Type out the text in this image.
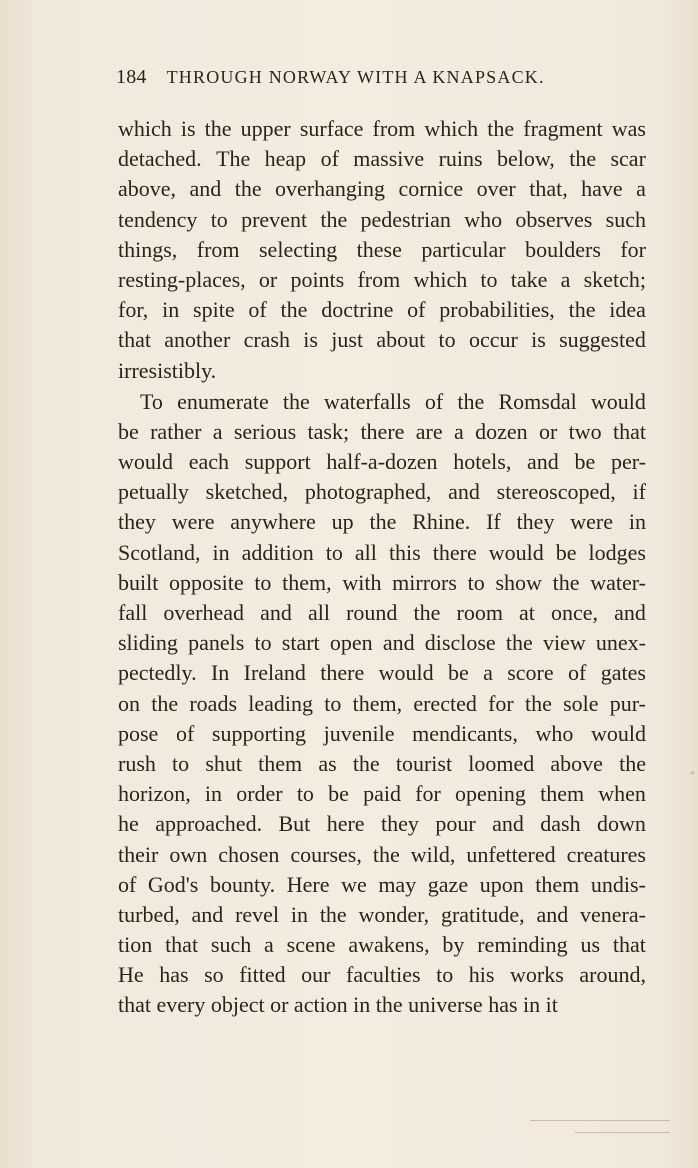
184 THROUGH NORWAY WITH A KNAPSACK.
which is the upper surface from which the fragment was
detached. The heap of massive ruins below, the scar
above, and the overhanging cornice over that, have a
tendency to prevent the pedestrian who observes such
things, from selecting these particular boulders for
resting-places, or points from which to take a sketch;
for, in spite of the doctrine of probabilities, the idea
that another crash is just about to occur is suggested
irresistibly.
To enumerate the waterfalls of the Romsdal would
be rather a serious task; there are a dozen or two that
would each support half-a-dozen hotels, and be per-
petually sketched, photographed, and stereoscoped, if
they were anywhere up the Rhine. If they were in
Scotland, in addition to all this there would be lodges
built opposite to them, with mirrors to show the water-
fall overhead and all round the room at once, and
sliding panels to start open and disclose the view unex-
pectedly. In Ireland there would be a score of gates
on the roads leading to them, erected for the sole pur-
pose of supporting juvenile mendicants, who would
rush to shut them as the tourist loomed above the
horizon, in order to be paid for opening them when
he approached. But here they pour and dash down
their own chosen courses, the wild, unfettered creatures
of God's bounty. Here we may gaze upon them undis-
turbed, and revel in the wonder, gratitude, and venera-
tion that such a scene awakens, by reminding us that
He has so fitted our faculties to his works around,
that every object or action in the universe has in it
*
